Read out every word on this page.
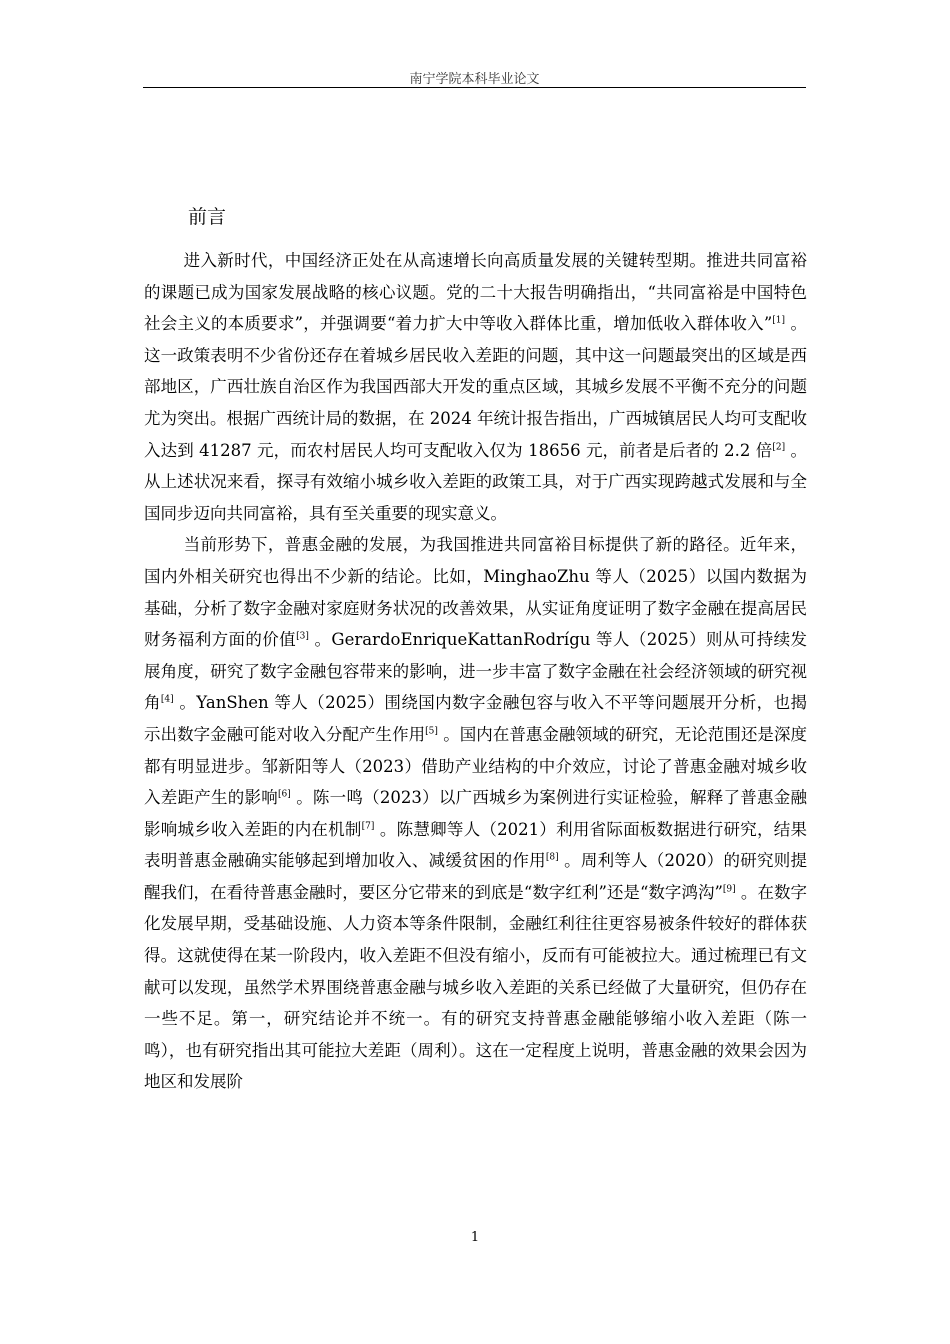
南宁学院本科毕业论文
前言

进入新时代，中国经济正处在从高速增长向高质量发展的关键转型期。推进共同富裕的课题已成为国家发展战略的核心议题。党的二十大报告明确指出，“共同富裕是中国特色社会主义的本质要求”，并强调要“着力扩大中等收入群体比重，增加低收入群体收入”[1] 。这一政策表明不少省份还存在着城乡居民收入差距的问题，其中这一问题最突出的区域是西部地区，广西壮族自治区作为我国西部大开发的重点区域，其城乡发展不平衡不充分的问题尤为突出。根据广西统计局的数据，在 2024 年统计报告指出，广西城镇居民人均可支配收入达到 41287 元，而农村居民人均可支配收入仅为 18656 元，前者是后者的 2.2 倍[2] 。从上述状况来看，探寻有效缩小城乡收入差距的政策工具，对于广西实现跨越式发展和与全国同步迈向共同富裕，具有至关重要的现实意义。

当前形势下，普惠金融的发展，为我国推进共同富裕目标提供了新的路径。近年来，国内外相关研究也得出不少新的结论。比如，MinghaoZhu 等人（2025）以国内数据为基础，分析了数字金融对家庭财务状况的改善效果，从实证角度证明了数字金融在提高居民财务福利方面的价值[3] 。GerardoEnriqueKattanRodrígu 等人（2025）则从可持续发展角度，研究了数字金融包容带来的影响，进一步丰富了数字金融在社会经济领域的研究视角[4] 。YanShen 等人（2025）围绕国内数字金融包容与收入不平等问题展开分析，也揭示出数字金融可能对收入分配产生作用[5] 。国内在普惠金融领域的研究，无论范围还是深度都有明显进步。邹新阳等人（2023）借助产业结构的中介效应，讨论了普惠金融对城乡收入差距产生的影响[6] 。陈一鸣（2023）以广西城乡为案例进行实证检验，解释了普惠金融影响城乡收入差距的内在机制[7] 。陈慧卿等人（2021）利用省际面板数据进行研究，结果表明普惠金融确实能够起到增加收入、减缓贫困的作用[8] 。周利等人（2020）的研究则提醒我们，在看待普惠金融时，要区分它带来的到底是“数字红利”还是“数字鸿沟”[9] 。在数字化发展早期，受基础设施、人力资本等条件限制，金融红利往往更容易被条件较好的群体获得。这就使得在某一阶段内，收入差距不但没有缩小，反而有可能被拉大。通过梳理已有文献可以发现，虽然学术界围绕普惠金融与城乡收入差距的关系已经做了大量研究，但仍存在一些不足。第一，研究结论并不统一。有的研究支持普惠金融能够缩小收入差距（陈一鸣），也有研究指出其可能拉大差距（周利）。这在一定程度上说明，普惠金融的效果会因为地区和发展阶

1
